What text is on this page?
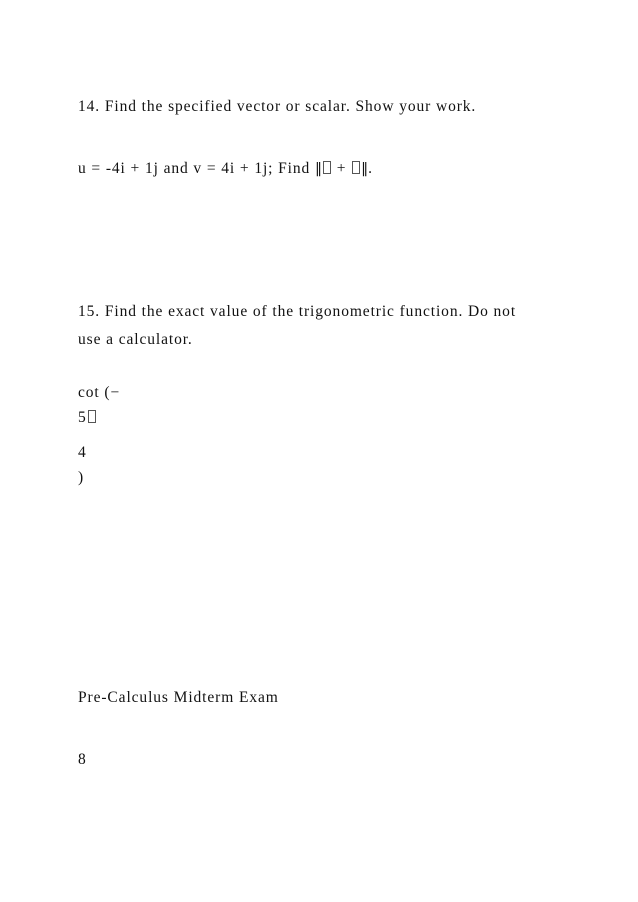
14. Find the specified vector or scalar. Show your work.

u = -4i + 1j and v = 4i + 1j; Find ‖ + ‖.

15. Find the exact value of the trigonometric function. Do not

use a calculator.

cot (−

5

4

)

Pre-Calculus Midterm Exam

8
